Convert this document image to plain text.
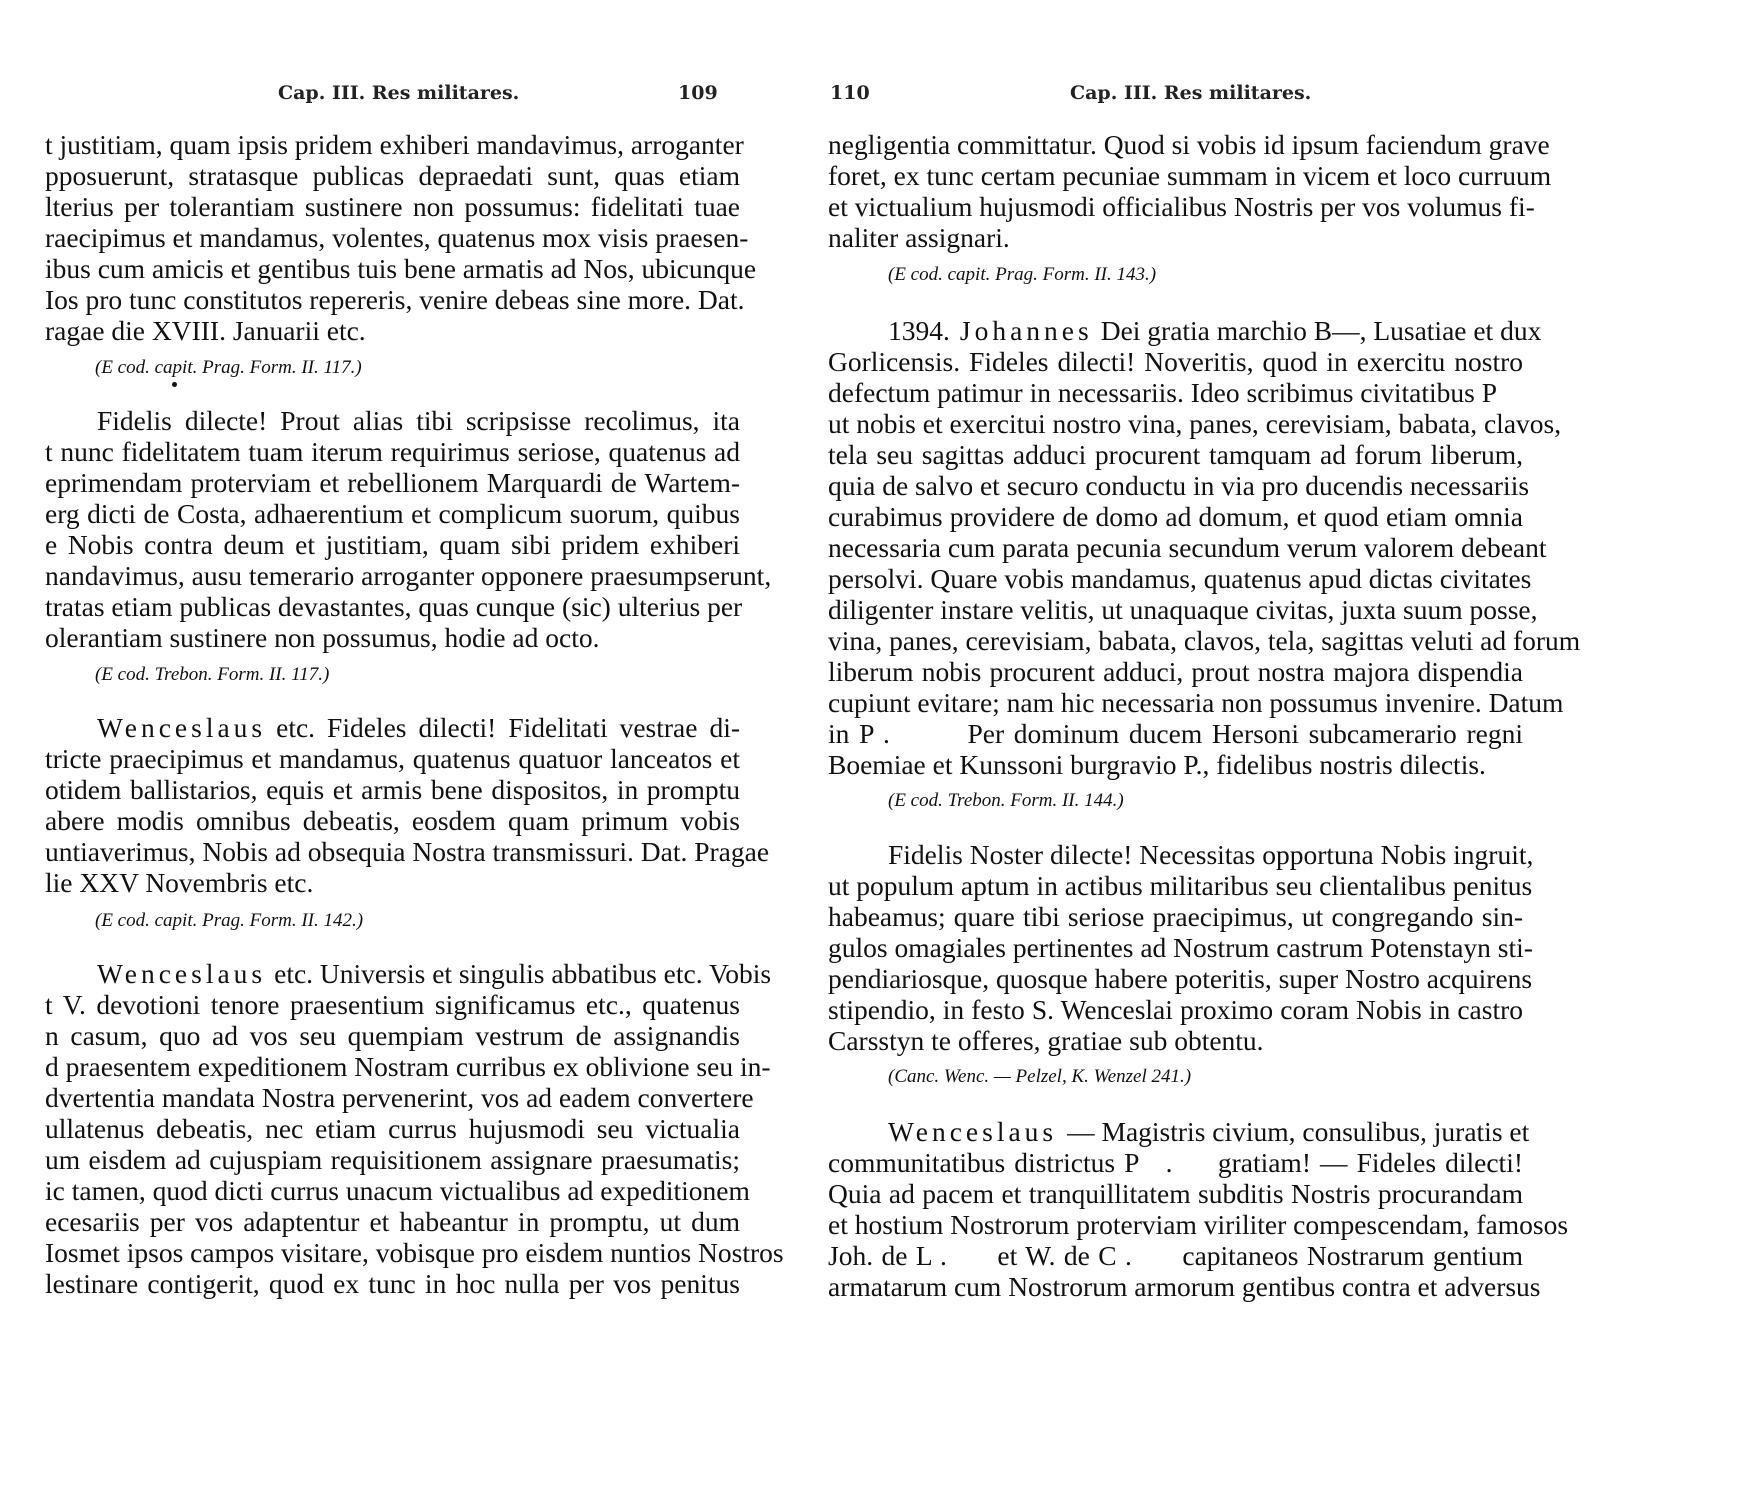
Cap. III. Res militares.	109
t justitiam, quam ipsis pridem exhiberi mandavimus, arroganter
pposuerunt, stratasque publicas depraedati sunt, quas etiam
lterius per tolerantiam sustinere non possumus: fidelitati tuae
raecipimus et mandamus, volentes, quatenus mox visis praesen-
ibus cum amicis et gentibus tuis bene armatis ad Nos, ubicunque
Ios pro tunc constitutos repereris, venire debeas sine more. Dat.
ragae die XVIII. Januarii etc.
(E cod. capit. Prag. Form. II. 117.)
Fidelis dilecte! Prout alias tibi scripsisse recolimus, ita
t nunc fidelitatem tuam iterum requirimus seriose, quatenus ad
eprimendam proterviam et rebellionem Marquardi de Wartem-
erg dicti de Costa, adhaerentium et complicum suorum, quibus
e Nobis contra deum et justitiam, quam sibi pridem exhiberi
nandavimus, ausu temerario arroganter opponere praesumpserunt,
tratas etiam publicas devastantes, quas cunque (sic) ulterius per
olerantiam sustinere non possumus, hodie ad octo.
(E cod. Trebon. Form. II. 117.)
Wenceslaus etc. Fideles dilecti! Fidelitati vestrae di-
tricte praecipimus et mandamus, quatenus quatuor lanceatos et
otidem ballistarios, equis et armis bene dispositos, in promptu
abere modis omnibus debeatis, eosdem quam primum vobis
untiaverimus, Nobis ad obsequia Nostra transmissuri. Dat. Pragae
lie XXV Novembris etc.
(E cod. capit. Prag. Form. II. 142.)
Wenceslaus etc. Universis et singulis abbatibus etc. Vobis
t V. devotioni tenore praesentium significamus etc., quatenus
n casum, quo ad vos seu quempiam vestrum de assignandis
d praesentem expeditionem Nostram curribus ex oblivione seu in-
dvertentia mandata Nostra pervenerint, vos ad eadem convertere
ullatenus debeatis, nec etiam currus hujusmodi seu victualia
um eisdem ad cujuspiam requisitionem assignare praesumatis;
ic tamen, quod dicti currus unacum victualibus ad expeditionem
ecesariis per vos adaptentur et habeantur in promptu, ut dum
Iosmet ipsos campos visitare, vobisque pro eisdem nuntios Nostros
lestinare contigerit, quod ex tunc in hoc nulla per vos penitus
110	Cap. III. Res militares.
negligentia committatur. Quod si vobis id ipsum faciendum grave
foret, ex tunc certam pecuniae summam in vicem et loco curruum
et victualium hujusmodi officialibus Nostris per vos volumus fi-
naliter assignari.
(E cod. capit. Prag. Form. II. 143.)
1394. Johannes Dei gratia marchio B—, Lusatiae et dux
Gorlicensis. Fideles dilecti! Noveritis, quod in exercitu nostro
defectum patimur in necessariis. Ideo scribimus civitatibus P
ut nobis et exercitui nostro vina, panes, cerevisiam, babata, clavos,
tela seu sagittas adduci procurent tamquam ad forum liberum,
quia de salvo et securo conductu in via pro ducendis necessariis
curabimus providere de domo ad domum, et quod etiam omnia
necessaria cum parata pecunia secundum verum valorem debeant
persolvi. Quare vobis mandamus, quatenus apud dictas civitates
diligenter instare velitis, ut unaquaque civitas, juxta suum posse,
vina, panes, cerevisiam, babata, clavos, tela, sagittas veluti ad forum
liberum nobis procurent adduci, prout nostra majora dispendia
cupiunt evitare; nam hic necessaria non possumus invenire. Datum
in P .        Per dominum ducem Hersoni subcamerario regni
Boemiae et Kunssoni burgravio P., fidelibus nostris dilectis.
(E cod. Trebon. Form. II. 144.)
Fidelis Noster dilecte! Necessitas opportuna Nobis ingruit,
ut populum aptum in actibus militaribus seu clientalibus penitus
habeamus; quare tibi seriose praecipimus, ut congregando sin-
gulos omagiales pertinentes ad Nostrum castrum Potenstayn sti-
pendiariosque, quosque habere poteritis, super Nostro acquirens
stipendio, in festo S. Wenceslai proximo coram Nobis in castro
Carsstyn te offeres, gratiae sub obtentu.
(Canc. Wenc. — Pelzel, K. Wenzel 241.)
Wenceslaus — Magistris civium, consulibus, juratis et
communitatibus districtus P   .     gratiam! — Fideles dilecti!
Quia ad pacem et tranquillitatem subditis Nostris procurandam
et hostium Nostrorum proterviam viriliter compescendam, famosos
Joh. de L .      et W. de C .      capitaneos Nostrarum gentium
armatarum cum Nostrorum armorum gentibus contra et adversus
